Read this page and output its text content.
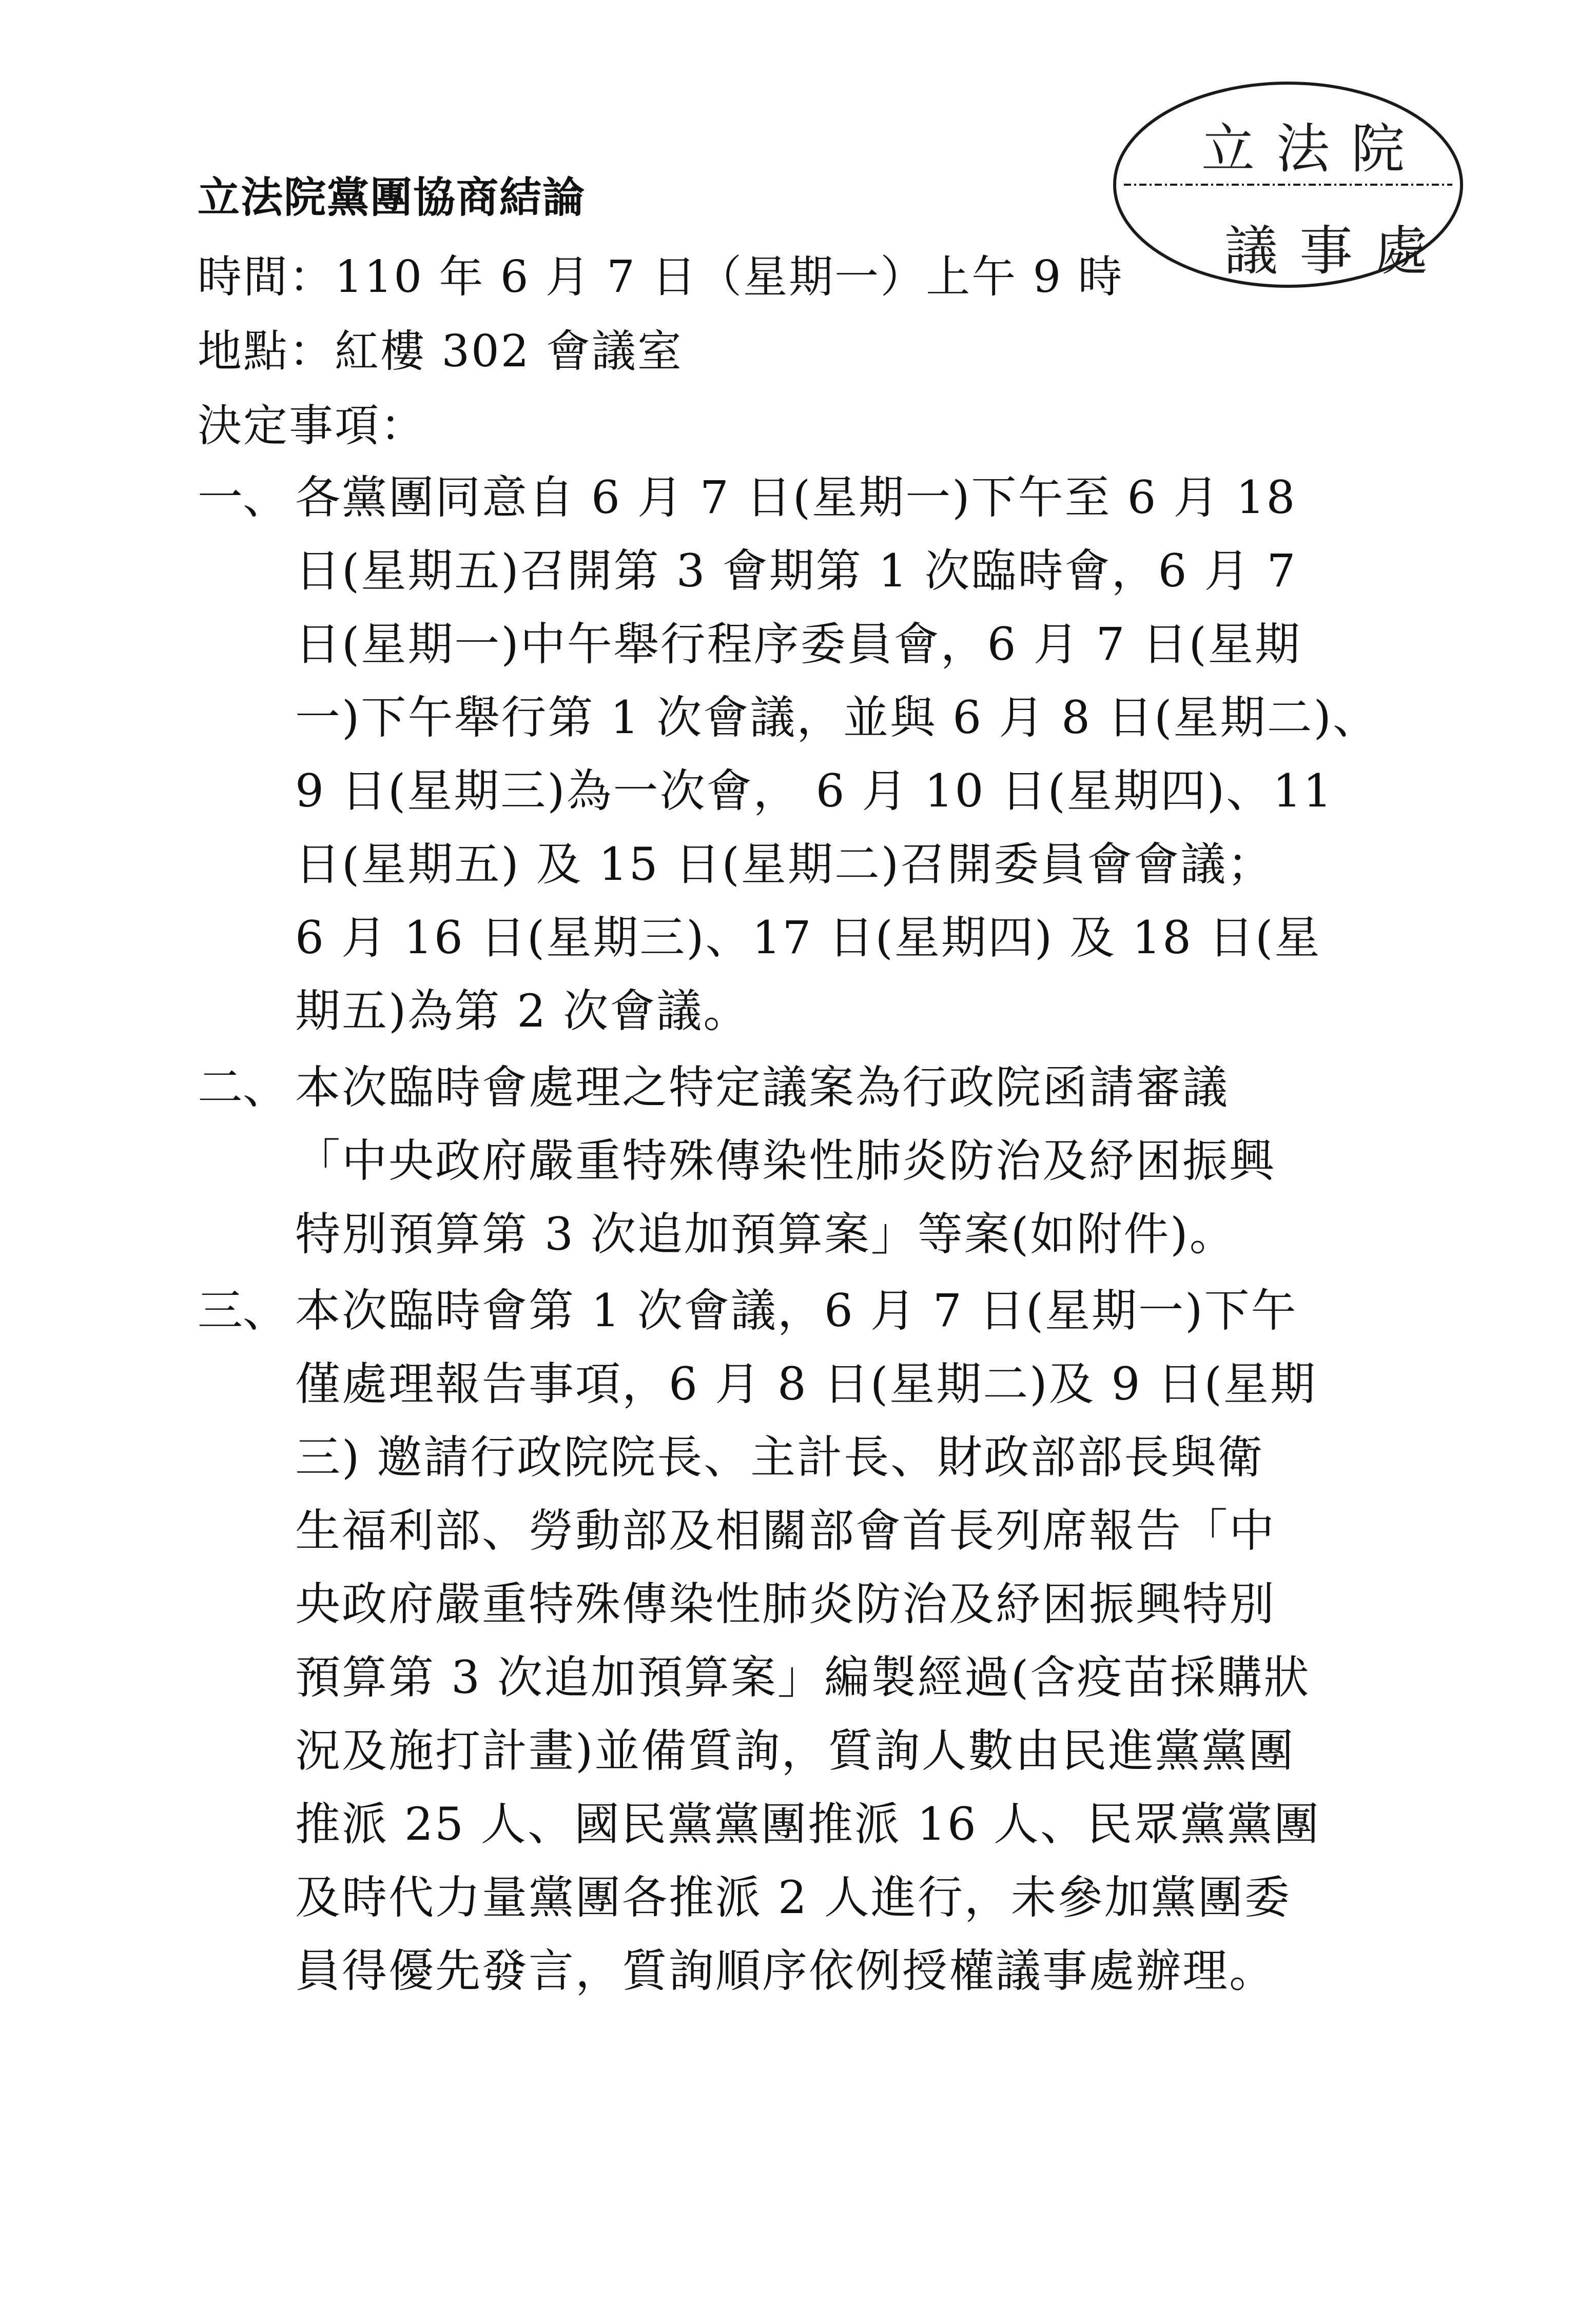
立法院
議事處
立法院黨團協商結論
時間：110 年 6 月 7 日（星期一）上午 9 時
地點：紅樓 302 會議室
決定事項：
一、 各黨團同意自 6 月 7 日(星期一)下午至 6 月 18
日(星期五)召開第 3 會期第 1 次臨時會，6 月 7
日(星期一)中午舉行程序委員會，6 月 7 日(星期
一)下午舉行第 1 次會議，並與 6 月 8 日(星期二)、
9 日(星期三)為一次會， 6 月 10 日(星期四)、11
日(星期五) 及 15 日(星期二)召開委員會會議；
6 月 16 日(星期三)、17 日(星期四) 及 18 日(星
期五)為第 2 次會議。
二、 本次臨時會處理之特定議案為行政院函請審議
「中央政府嚴重特殊傳染性肺炎防治及紓困振興
特別預算第 3 次追加預算案」等案(如附件)。
三、 本次臨時會第 1 次會議，6 月 7 日(星期一)下午
僅處理報告事項，6 月 8 日(星期二)及 9 日(星期
三) 邀請行政院院長、主計長、財政部部長與衛
生福利部、勞動部及相關部會首長列席報告「中
央政府嚴重特殊傳染性肺炎防治及紓困振興特別
預算第 3 次追加預算案」編製經過(含疫苗採購狀
況及施打計畫)並備質詢，質詢人數由民進黨黨團
推派 25 人、國民黨黨團推派 16 人、民眾黨黨團
及時代力量黨團各推派 2 人進行，未參加黨團委
員得優先發言，質詢順序依例授權議事處辦理。
